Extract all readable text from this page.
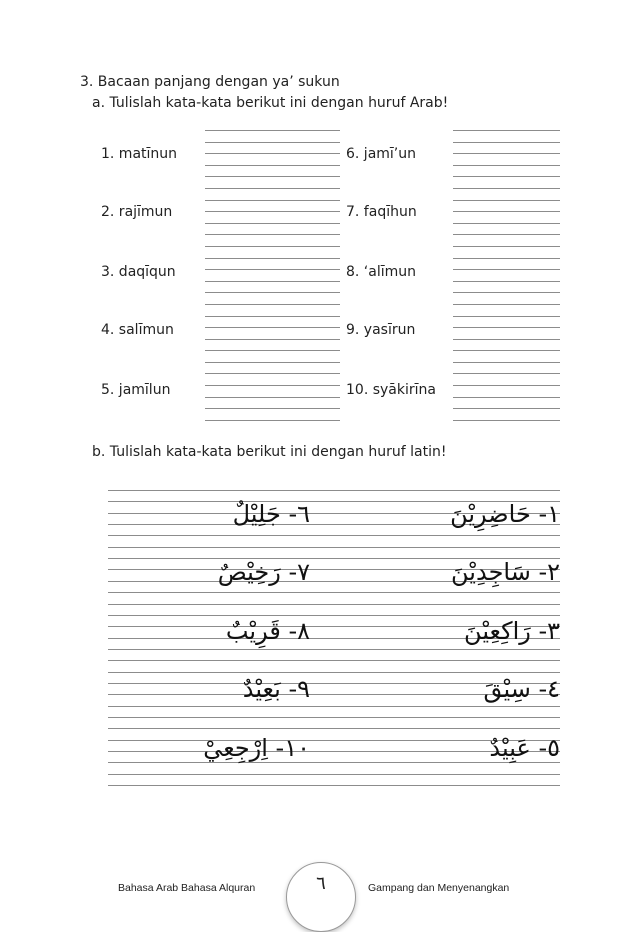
3. Bacaan panjang dengan ya’ sukun
a. Tulislah kata-kata berikut ini dengan huruf Arab!
1. matīnun
2. rajīmun
3. daqīqun
4. salīmun
5. jamīlun
6. jamī’un
7. faqīhun
8. ‘alīmun
9. yasīrun
10. syākirīna
b. Tulislah kata-kata berikut ini dengan huruf latin!
١- حَاضِرِيْنَ
٢- سَاجِدِيْنَ
٣- رَاكِعِيْنَ
٤- سِيْقَ
٥- عَبِيْدٌ
٦- جَلِيْلٌ
٧- رَخِيْصٌ
٨- قَرِيْبٌ
٩- بَعِيْدٌ
١٠- اِرْجِعِيْ
Bahasa Arab Bahasa Alquran	٦	Gampang dan Menyenangkan
